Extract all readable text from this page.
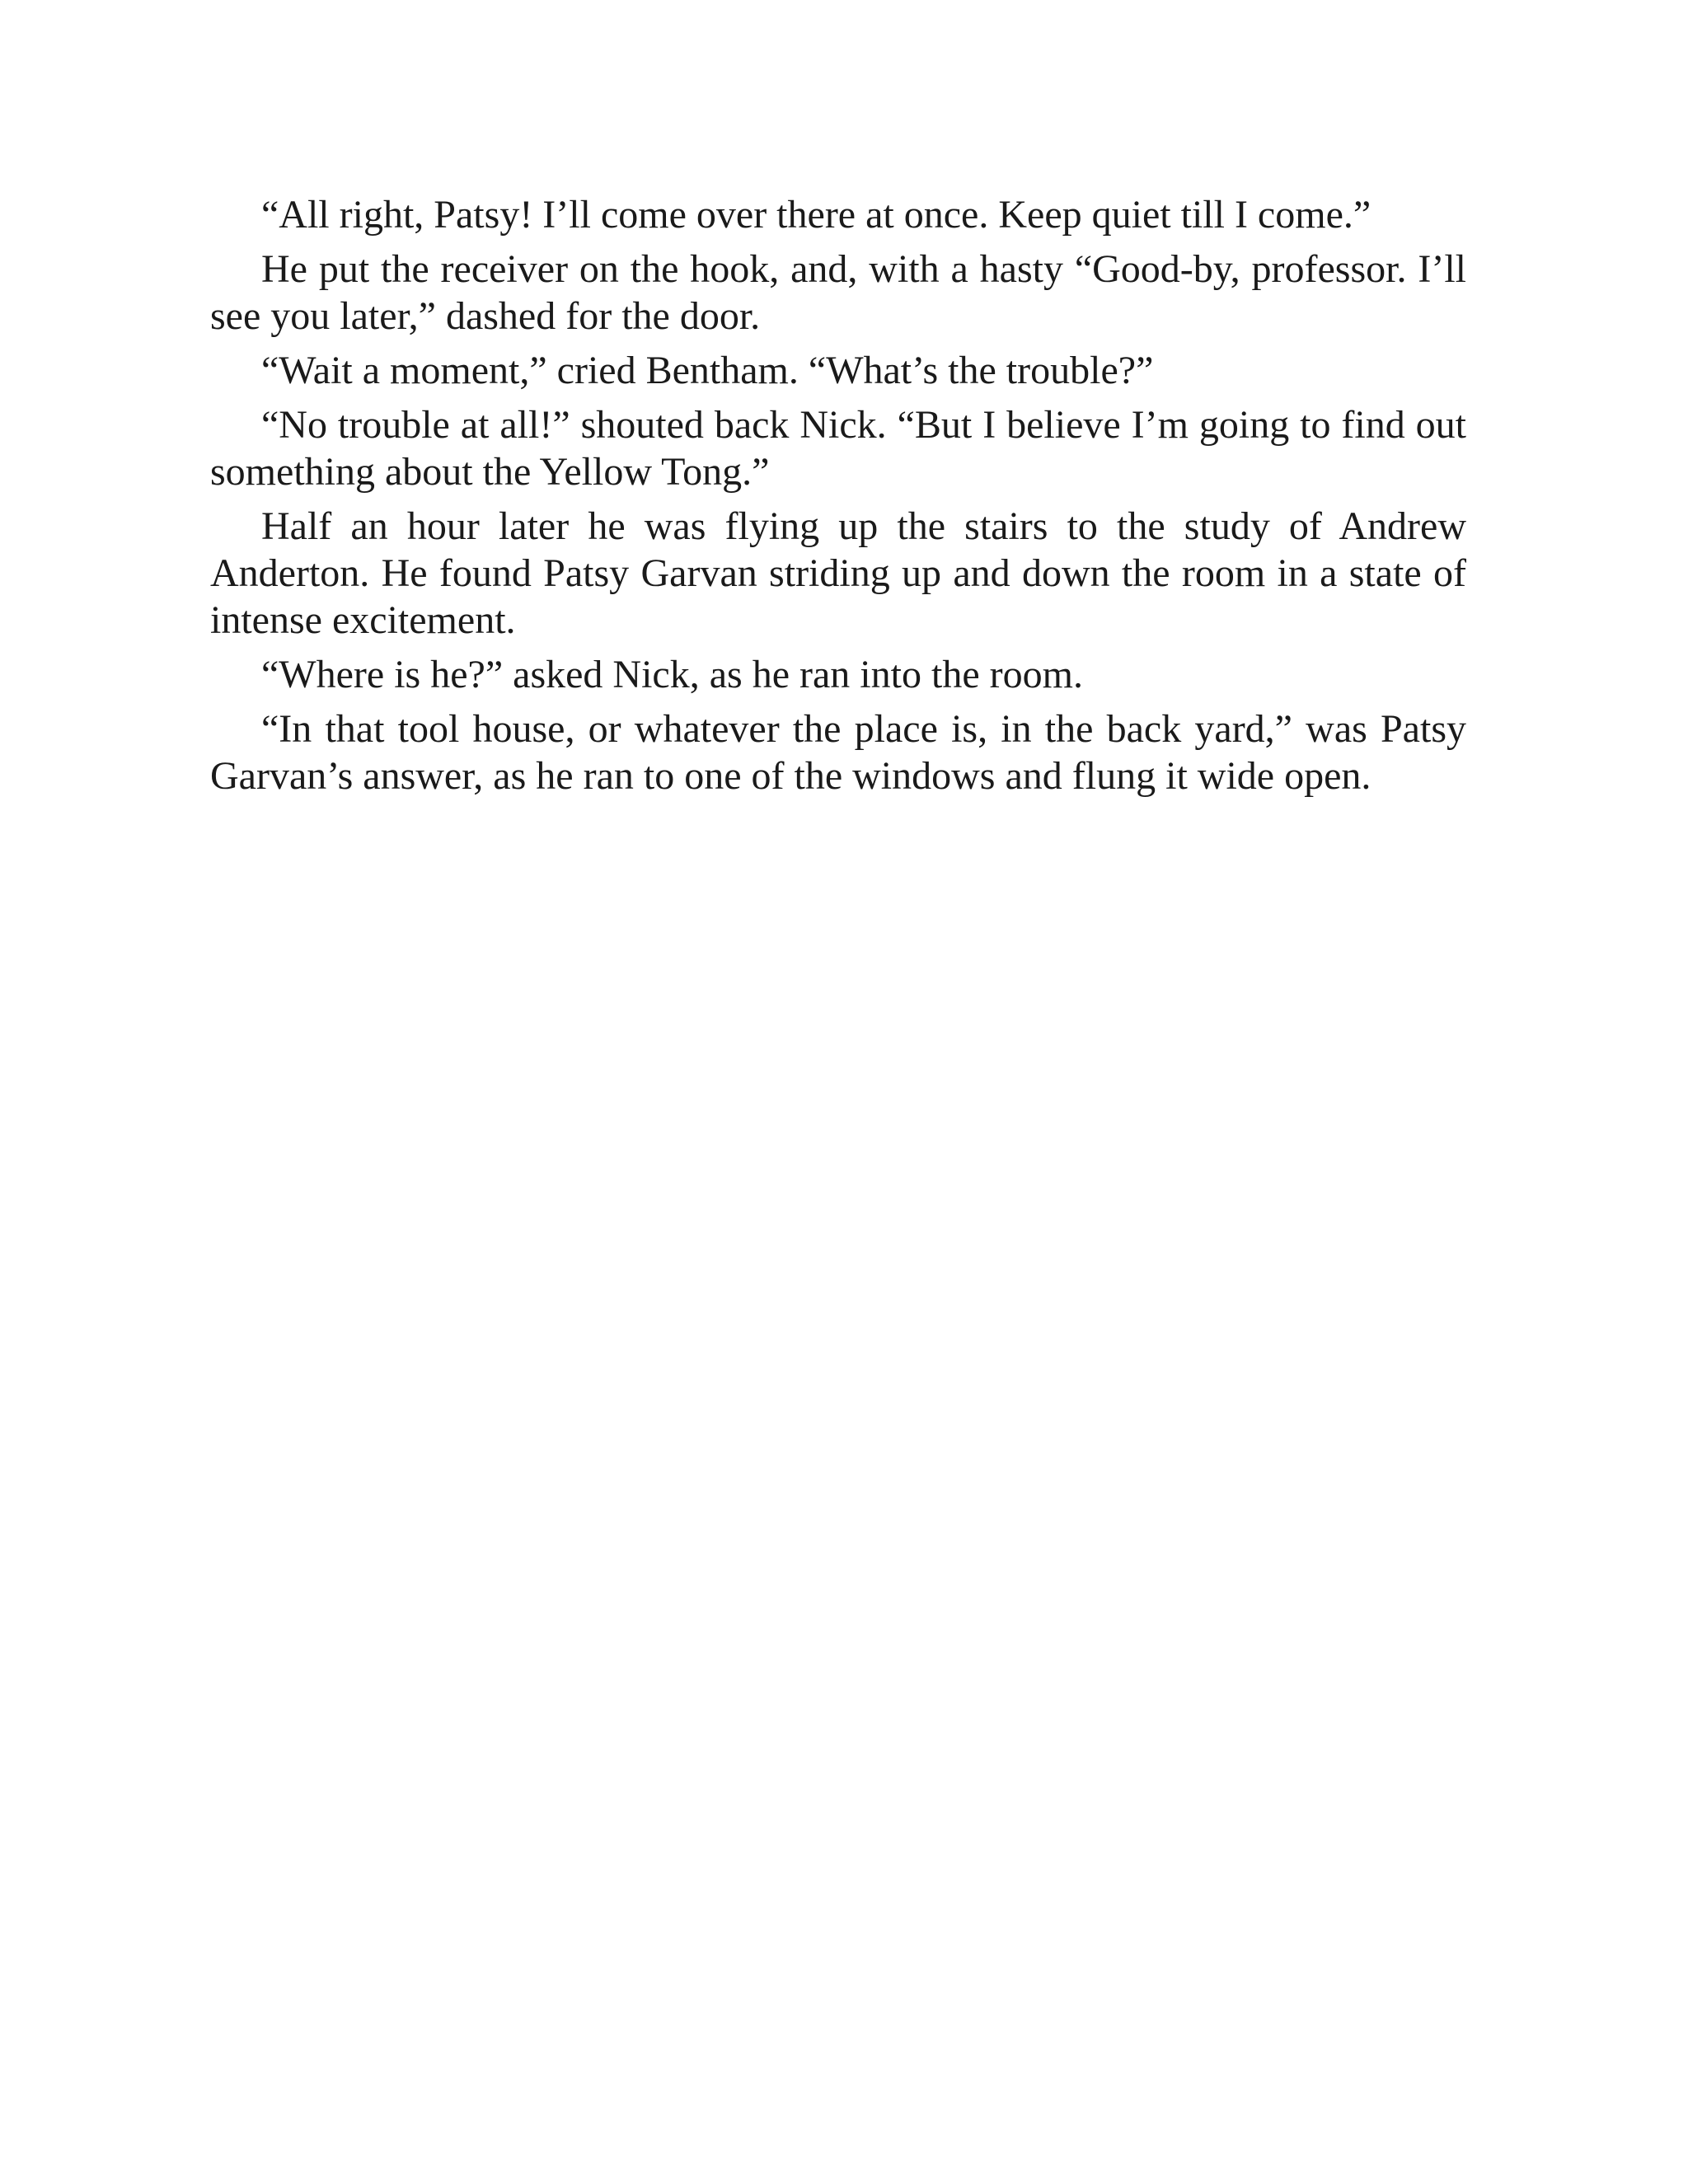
“All right, Patsy! I’ll come over there at once. Keep quiet till I come.”

He put the receiver on the hook, and, with a hasty “Good-by, professor. I’ll see you later,” dashed for the door.

“Wait a moment,” cried Bentham. “What’s the trouble?”

“No trouble at all!” shouted back Nick. “But I believe I’m going to find out something about the Yellow Tong.”

Half an hour later he was flying up the stairs to the study of Andrew Anderton. He found Patsy Garvan striding up and down the room in a state of intense excitement.

“Where is he?” asked Nick, as he ran into the room.

“In that tool house, or whatever the place is, in the back yard,” was Patsy Garvan’s answer, as he ran to one of the windows and flung it wide open.
